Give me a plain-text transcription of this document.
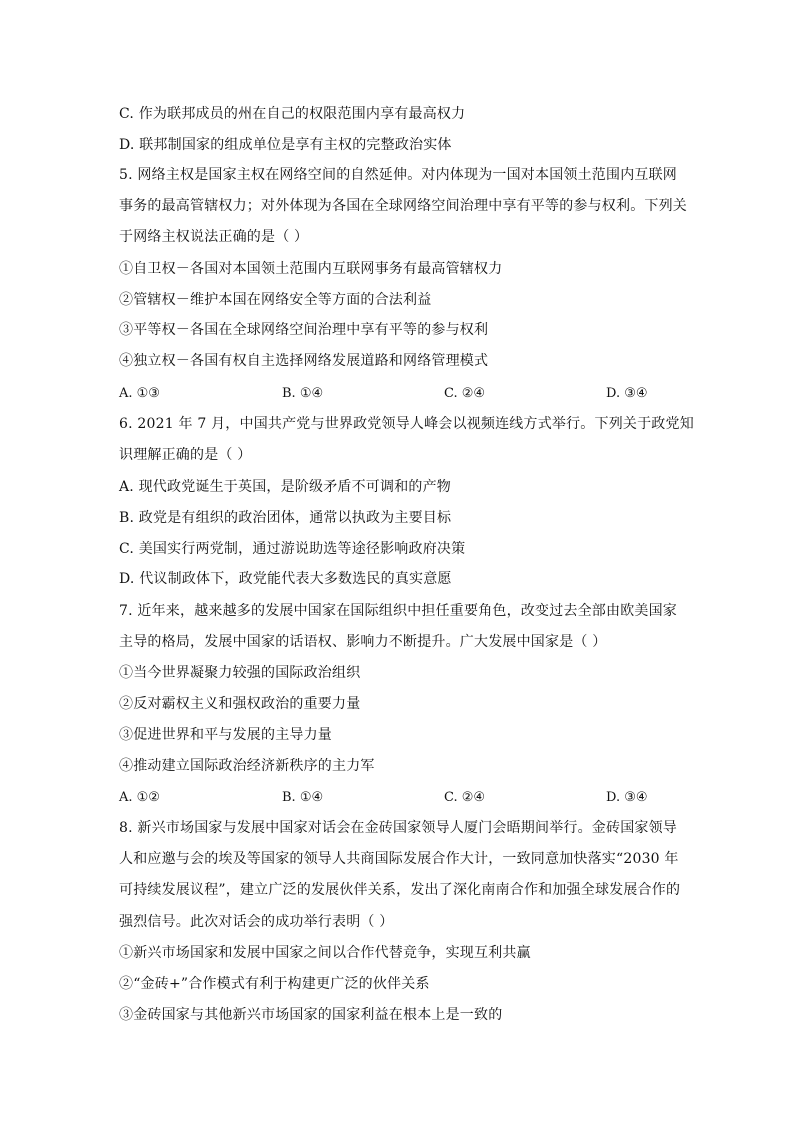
C. 作为联邦成员的州在自己的权限范围内享有最高权力
D. 联邦制国家的组成单位是享有主权的完整政治实体
5. 网络主权是国家主权在网络空间的自然延伸。对内体现为一国对本国领土范围内互联网
事务的最高管辖权力；对外体现为各国在全球网络空间治理中享有平等的参与权利。下列关
于网络主权说法正确的是（ ）
①自卫权－各国对本国领土范围内互联网事务有最高管辖权力
②管辖权－维护本国在网络安全等方面的合法利益
③平等权－各国在全球网络空间治理中享有平等的参与权利
④独立权－各国有权自主选择网络发展道路和网络管理模式
A. ①③	B. ①④	C. ②④	D. ③④
6. 2021 年 7 月，中国共产党与世界政党领导人峰会以视频连线方式举行。下列关于政党知
识理解正确的是（ ）
A. 现代政党诞生于英国，是阶级矛盾不可调和的产物
B. 政党是有组织的政治团体，通常以执政为主要目标
C. 美国实行两党制，通过游说助选等途径影响政府决策
D. 代议制政体下，政党能代表大多数选民的真实意愿
7. 近年来，越来越多的发展中国家在国际组织中担任重要角色，改变过去全部由欧美国家
主导的格局，发展中国家的话语权、影响力不断提升。广大发展中国家是（ ）
①当今世界凝聚力较强的国际政治组织
②反对霸权主义和强权政治的重要力量
③促进世界和平与发展的主导力量
④推动建立国际政治经济新秩序的主力军
A. ①②	B. ①④	C. ②④	D. ③④
8. 新兴市场国家与发展中国家对话会在金砖国家领导人厦门会晤期间举行。金砖国家领导
人和应邀与会的埃及等国家的领导人共商国际发展合作大计，一致同意加快落实“2030 年
可持续发展议程”，建立广泛的发展伙伴关系，发出了深化南南合作和加强全球发展合作的
强烈信号。此次对话会的成功举行表明（ ）
①新兴市场国家和发展中国家之间以合作代替竞争，实现互利共赢
②“金砖+”合作模式有利于构建更广泛的伙伴关系
③金砖国家与其他新兴市场国家的国家利益在根本上是一致的
